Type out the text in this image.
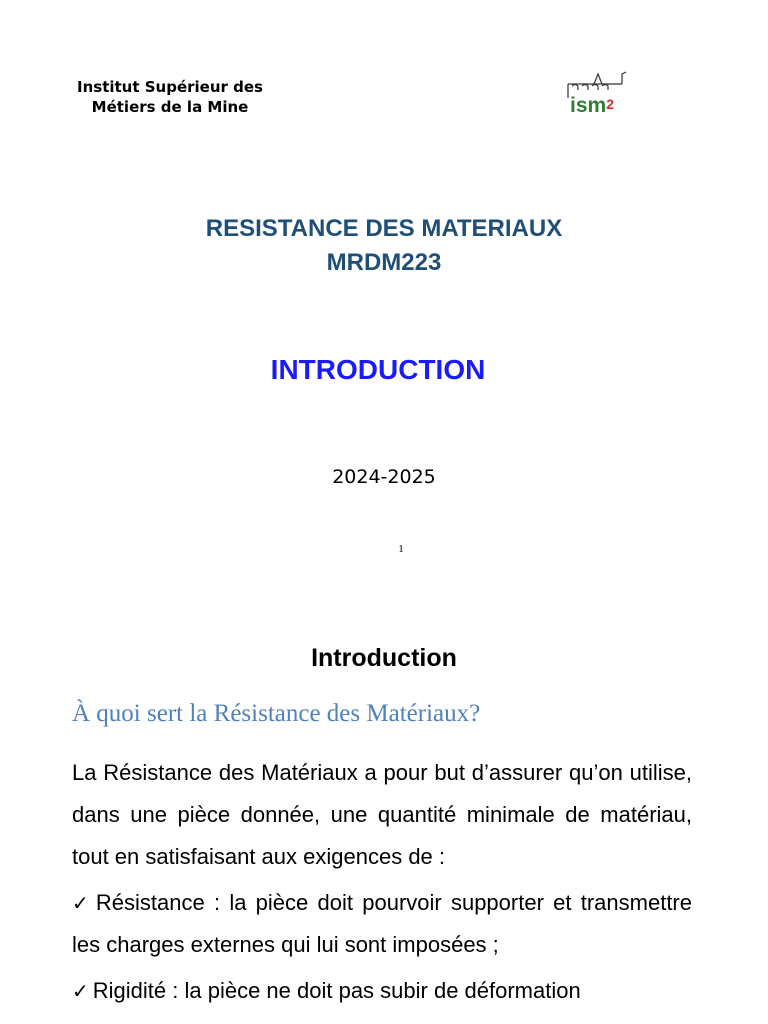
Institut Supérieur des
Métiers de la Mine	ism$^2$
RESISTANCE DES MATERIAUX
MRDM223
INTRODUCTION
2024-2025
1
Introduction
À quoi sert la Résistance des Matériaux?

La Résistance des Matériaux a pour but d’assurer qu’on utilise, dans une pièce donnée, une quantité minimale de matériau, tout en satisfaisant aux exigences de :

✓ Résistance : la pièce doit pourvoir supporter et transmettre les charges externes qui lui sont imposées ;
✓ Rigidité : la pièce ne doit pas subir de déformation
